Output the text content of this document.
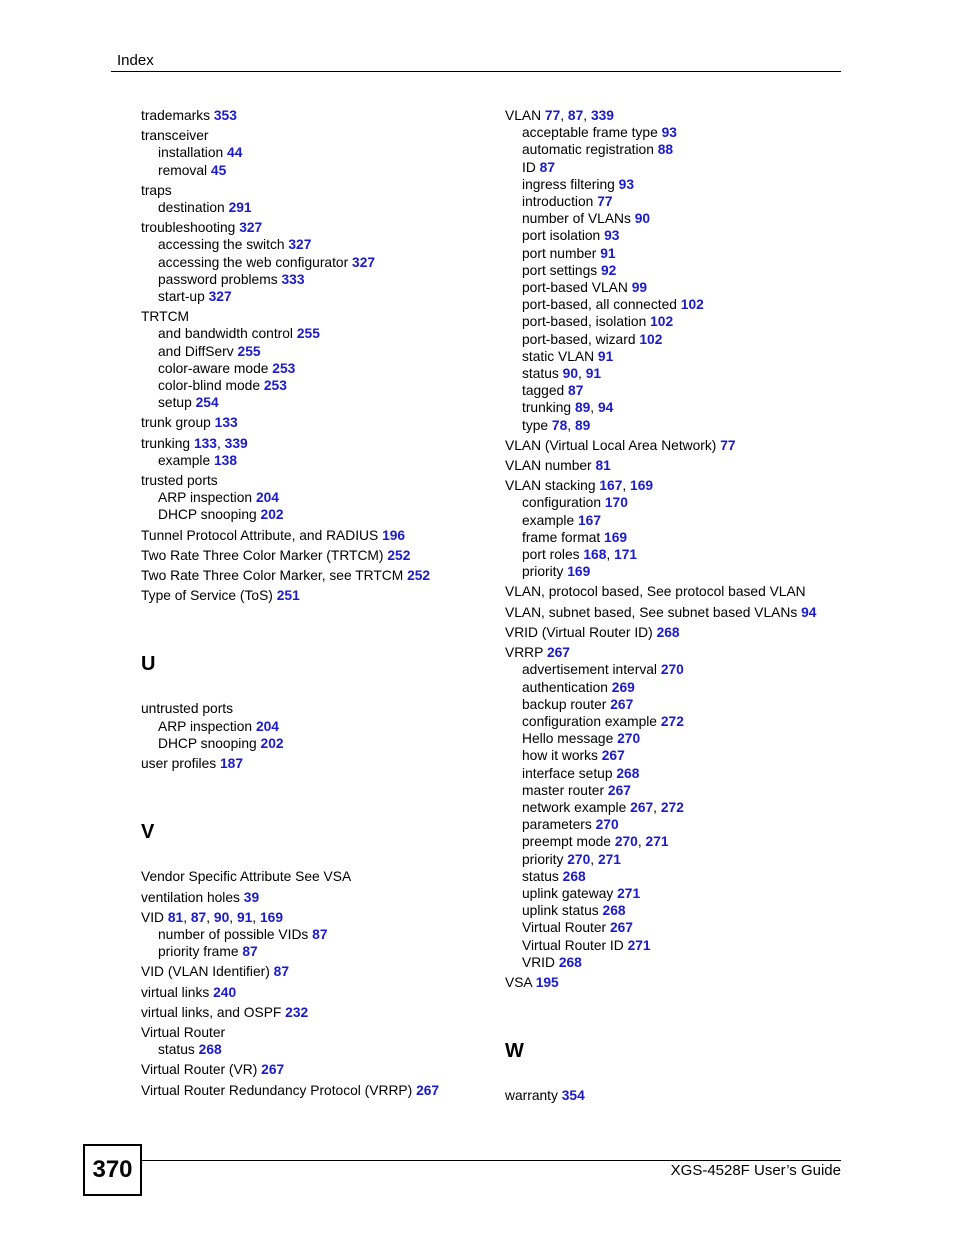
Index
trademarks 353
transceiver
installation 44
removal 45
traps
destination 291
troubleshooting 327
accessing the switch 327
accessing the web configurator 327
password problems 333
start-up 327
TRTCM
and bandwidth control 255
and DiffServ 255
color-aware mode 253
color-blind mode 253
setup 254
trunk group 133
trunking 133, 339
example 138
trusted ports
ARP inspection 204
DHCP snooping 202
Tunnel Protocol Attribute, and RADIUS 196
Two Rate Three Color Marker (TRTCM) 252
Two Rate Three Color Marker, see TRTCM 252
Type of Service (ToS) 251
U
untrusted ports
ARP inspection 204
DHCP snooping 202
user profiles 187
V
Vendor Specific Attribute See VSA
ventilation holes 39
VID 81, 87, 90, 91, 169
number of possible VIDs 87
priority frame 87
VID (VLAN Identifier) 87
virtual links 240
virtual links, and OSPF 232
Virtual Router
status 268
Virtual Router (VR) 267
Virtual Router Redundancy Protocol (VRRP) 267
VLAN 77, 87, 339
acceptable frame type 93
automatic registration 88
ID 87
ingress filtering 93
introduction 77
number of VLANs 90
port isolation 93
port number 91
port settings 92
port-based VLAN 99
port-based, all connected 102
port-based, isolation 102
port-based, wizard 102
static VLAN 91
status 90, 91
tagged 87
trunking 89, 94
type 78, 89
VLAN (Virtual Local Area Network) 77
VLAN number 81
VLAN stacking 167, 169
configuration 170
example 167
frame format 169
port roles 168, 171
priority 169
VLAN, protocol based, See protocol based VLAN
VLAN, subnet based, See subnet based VLANs 94
VRID (Virtual Router ID) 268
VRRP 267
advertisement interval 270
authentication 269
backup router 267
configuration example 272
Hello message 270
how it works 267
interface setup 268
master router 267
network example 267, 272
parameters 270
preempt mode 270, 271
priority 270, 271
status 268
uplink gateway 271
uplink status 268
Virtual Router 267
Virtual Router ID 271
VRID 268
VSA 195
W
warranty 354
370	XGS-4528F User’s Guide
